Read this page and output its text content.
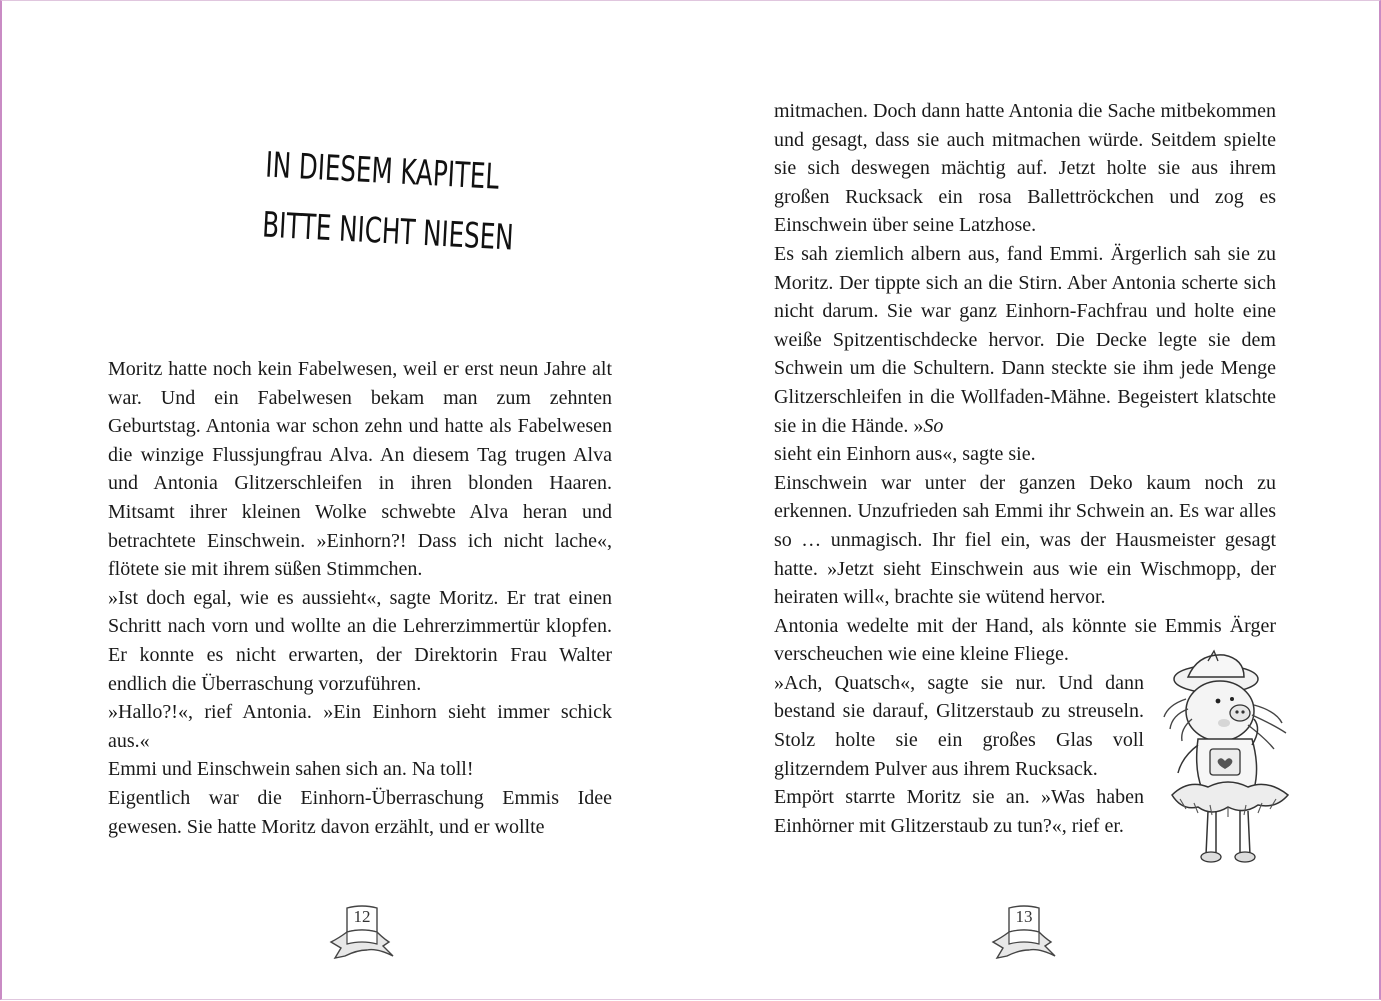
IN DIESEM KAPITEL
BITTE NICHT NIESEN

Moritz hatte noch kein Fabelwesen, weil er erst neun Jahre alt war. Und ein Fabelwesen bekam man zum zehnten Geburtstag. Antonia war schon zehn und hatte als Fabelwesen die winzige Flussjungfrau Alva. An diesem Tag trugen Alva und Antonia Glitzerschleifen in ihren blonden Haaren. Mitsamt ihrer kleinen Wolke schwebte Alva heran und betrachtete Einschwein. »Einhorn?! Dass ich nicht lache«, flötete sie mit ihrem süßen Stimmchen.

»Ist doch egal, wie es aussieht«, sagte Moritz. Er trat einen Schritt nach vorn und wollte an die Lehrerzimmertür klopfen. Er konnte es nicht erwarten, der Direktorin Frau Walter endlich die Überraschung vorzuführen.

»Hallo?!«, rief Antonia. »Ein Einhorn sieht immer schick aus.«

Emmi und Einschwein sahen sich an. Na toll!

Eigentlich war die Einhorn-Überraschung Emmis Idee gewesen. Sie hatte Moritz davon erzählt, und er wollte

12

mitmachen. Doch dann hatte Antonia die Sache mitbekommen und gesagt, dass sie auch mitmachen würde. Seitdem spielte sie sich deswegen mächtig auf. Jetzt holte sie aus ihrem großen Rucksack ein rosa Ballettröckchen und zog es Einschwein über seine Latzhose.

Es sah ziemlich albern aus, fand Emmi. Ärgerlich sah sie zu Moritz. Der tippte sich an die Stirn. Aber Antonia scherte sich nicht darum. Sie war ganz Einhorn-Fachfrau und holte eine weiße Spitzentischdecke hervor. Die Decke legte sie dem Schwein um die Schultern. Dann steckte sie ihm jede Menge Glitzerschleifen in die Wollfaden-Mähne. Begeistert klatschte sie in die Hände. »So

sieht ein Einhorn aus«, sagte sie.

Einschwein war unter der ganzen Deko kaum noch zu erkennen. Unzufrieden sah Emmi ihr Schwein an. Es war alles so … unmagisch. Ihr fiel ein, was der Hausmeister gesagt hatte. »Jetzt sieht Einschwein aus wie ein Wischmopp, der heiraten will«, brachte sie wütend hervor.

Antonia wedelte mit der Hand, als könnte sie Emmis Ärger verscheuchen wie eine kleine Fliege.

»Ach, Quatsch«, sagte sie nur. Und dann bestand sie darauf, Glitzerstaub zu streuseln. Stolz holte sie ein großes Glas voll glitzerndem Pulver aus ihrem Rucksack.

Empört starrte Moritz sie an. »Was haben Einhörner mit Glitzerstaub zu tun?«, rief er.

13
